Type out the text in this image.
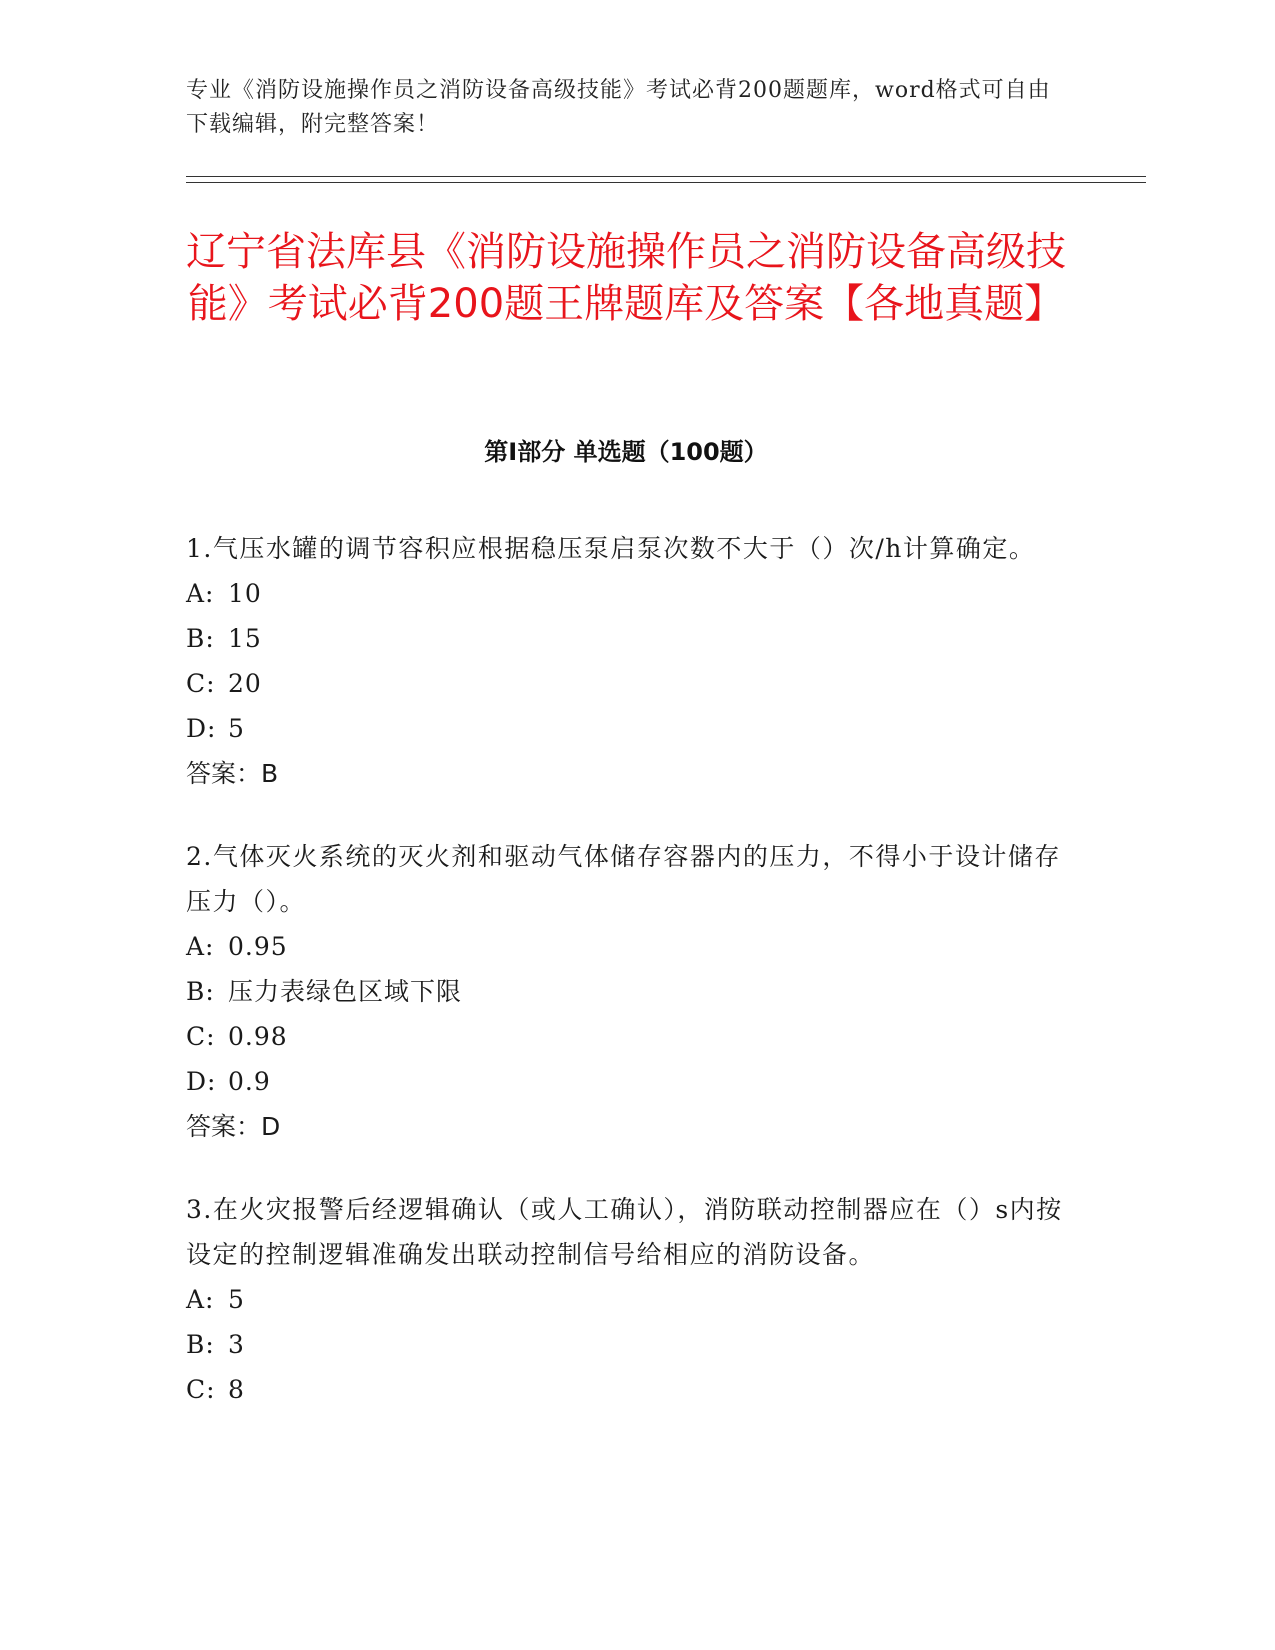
专业《消防设施操作员之消防设备高级技能》考试必背200题题库，word格式可自由下载编辑，附完整答案！
辽宁省法库县《消防设施操作员之消防设备高级技能》考试必背200题王牌题库及答案【各地真题】
第I部分 单选题（100题）

1.气压水罐的调节容积应根据稳压泵启泵次数不大于（）次/h计算确定。

A: 10
B: 15
C: 20
D: 5
答案：B

2.气体灭火系统的灭火剂和驱动气体储存容器内的压力，不得小于设计储存压力（）。

A: 0.95
B: 压力表绿色区域下限
C: 0.98
D: 0.9
答案：D

3.在火灾报警后经逻辑确认（或人工确认），消防联动控制器应在（）s内按设定的控制逻辑准确发出联动控制信号给相应的消防设备。

A: 5
B: 3
C: 8
